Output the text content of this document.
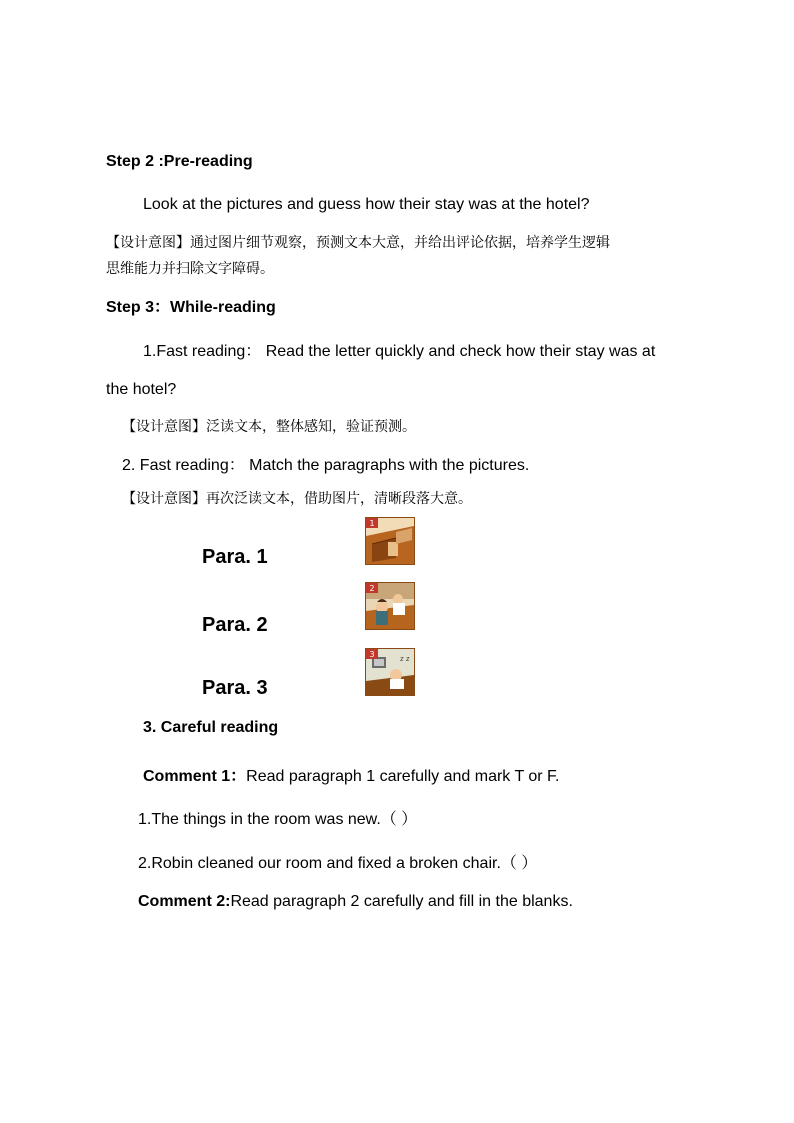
Step 2 :Pre-reading
Look at the pictures and guess how their stay was at the hotel?
【设计意图】通过图片细节观察，预测文本大意，并给出评论依据，培养学生逻辑
思维能力并扫除文字障碍。
Step 3：While-reading
1.Fast reading： Read the letter quickly and check how their stay was at
the hotel?
【设计意图】泛读文本，整体感知，验证预测。
2. Fast reading： Match the paragraphs with the pictures.
【设计意图】再次泛读文本，借助图片，清晰段落大意。
Para. 1
Para. 2
Para. 3
1
2
z z
3
3. Careful reading
Comment 1：Read paragraph 1 carefully and mark T or F.
1.The things in the room was new.（ ）
2.Robin cleaned our room and fixed a broken chair.（ ）
Comment 2:Read paragraph 2 carefully and fill in the blanks.
